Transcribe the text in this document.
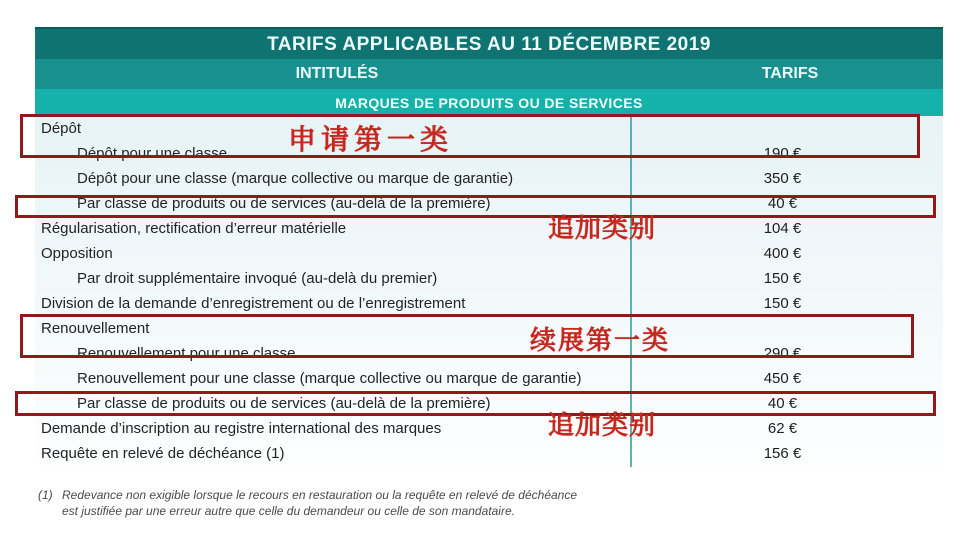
TARIFS APPLICABLES AU 11 DÉCEMBRE 2019
INTITULÉS	TARIFS
MARQUES DE PRODUITS OU DE SERVICES
Dépôt
Dépôt pour une classe	190 €
Dépôt pour une classe (marque collective ou marque de garantie)	350 €
Par classe de produits ou de services (au-delà de la première)	40 €
Régularisation, rectification d’erreur matérielle	104 €
Opposition	400 €
Par droit supplémentaire invoqué (au-delà du premier)	150 €
Division de la demande d’enregistrement ou de l’enregistrement	150 €
Renouvellement
Renouvellement pour une classe	290 €
Renouvellement pour une classe (marque collective ou marque de garantie)	450 €
Par classe de produits ou de services (au-delà de la première)	40 €
Demande d’inscription au registre international des marques	62 €
Requête en relevé de déchéance (1)	156 €
申请第一类
追加类别
续展第一类
追加类别
(1) Redevance non exigible lorsque le recours en restauration ou la requête en relevé de déchéance
est justifiée par une erreur autre que celle du demandeur ou celle de son mandataire.
